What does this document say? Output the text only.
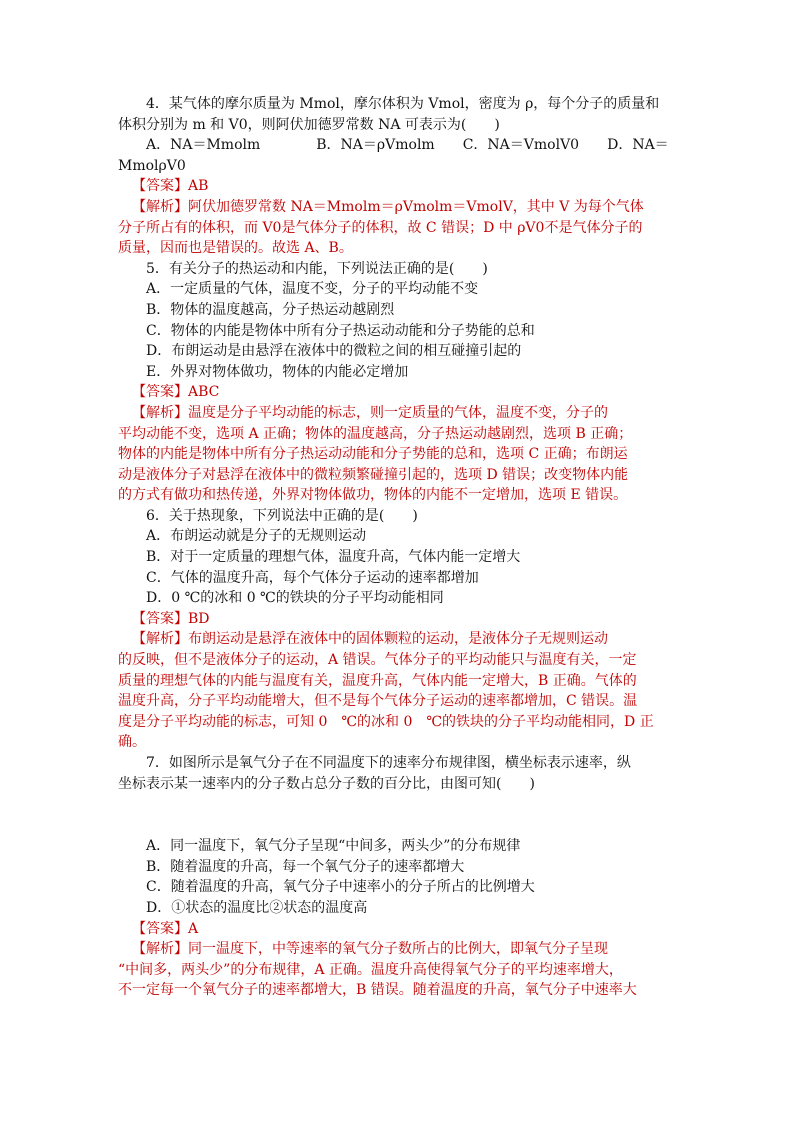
4．某气体的摩尔质量为 Mmol，摩尔体积为 Vmol，密度为 ρ，每个分子的质量和

体积分别为 m 和 V0，则阿伏加德罗常数 NA 可表示为(　　)

A．NA＝Mmolm　　　　B．NA＝ρVmolm　　C．NA＝VmolV0　　D．NA＝

MmolρV0

【答案】AB

【解析】阿伏加德罗常数 NA＝Mmolm＝ρVmolm＝VmolV，其中 V 为每个气体

分子所占有的体积，而 V0是气体分子的体积，故 C 错误；D 中 ρV0不是气体分子的

质量，因而也是错误的。故选 A、B。

5．有关分子的热运动和内能，下列说法正确的是(　　)

A．一定质量的气体，温度不变，分子的平均动能不变

B．物体的温度越高，分子热运动越剧烈

C．物体的内能是物体中所有分子热运动动能和分子势能的总和

D．布朗运动是由悬浮在液体中的微粒之间的相互碰撞引起的

E．外界对物体做功，物体的内能必定增加

【答案】ABC

【解析】温度是分子平均动能的标志，则一定质量的气体，温度不变，分子的

平均动能不变，选项 A 正确；物体的温度越高，分子热运动越剧烈，选项 B 正确；

物体的内能是物体中所有分子热运动动能和分子势能的总和，选项 C 正确；布朗运

动是液体分子对悬浮在液体中的微粒频繁碰撞引起的，选项 D 错误；改变物体内能

的方式有做功和热传递，外界对物体做功，物体的内能不一定增加，选项 E 错误。

6．关于热现象，下列说法中正确的是(　　)

A．布朗运动就是分子的无规则运动

B．对于一定质量的理想气体，温度升高，气体内能一定增大

C．气体的温度升高，每个气体分子运动的速率都增加

D．0 ℃的冰和 0 ℃的铁块的分子平均动能相同

【答案】BD

【解析】布朗运动是悬浮在液体中的固体颗粒的运动，是液体分子无规则运动

的反映，但不是液体分子的运动，A 错误。气体分子的平均动能只与温度有关，一定

质量的理想气体的内能与温度有关，温度升高，气体内能一定增大，B 正确。气体的

温度升高，分子平均动能增大，但不是每个气体分子运动的速率都增加，C 错误。温

度是分子平均动能的标志，可知 0　℃的冰和 0　℃的铁块的分子平均动能相同，D 正

确。

7．如图所示是氧气分子在不同温度下的速率分布规律图，横坐标表示速率，纵

坐标表示某一速率内的分子数占总分子数的百分比，由图可知(　　)

A．同一温度下，氧气分子呈现“中间多，两头少”的分布规律

B．随着温度的升高，每一个氧气分子的速率都增大

C．随着温度的升高，氧气分子中速率小的分子所占的比例增大

D．①状态的温度比②状态的温度高

【答案】A

【解析】同一温度下，中等速率的氧气分子数所占的比例大，即氧气分子呈现

“中间多，两头少”的分布规律，A 正确。温度升高使得氧气分子的平均速率增大，

不一定每一个氧气分子的速率都增大，B 错误。随着温度的升高，氧气分子中速率大
